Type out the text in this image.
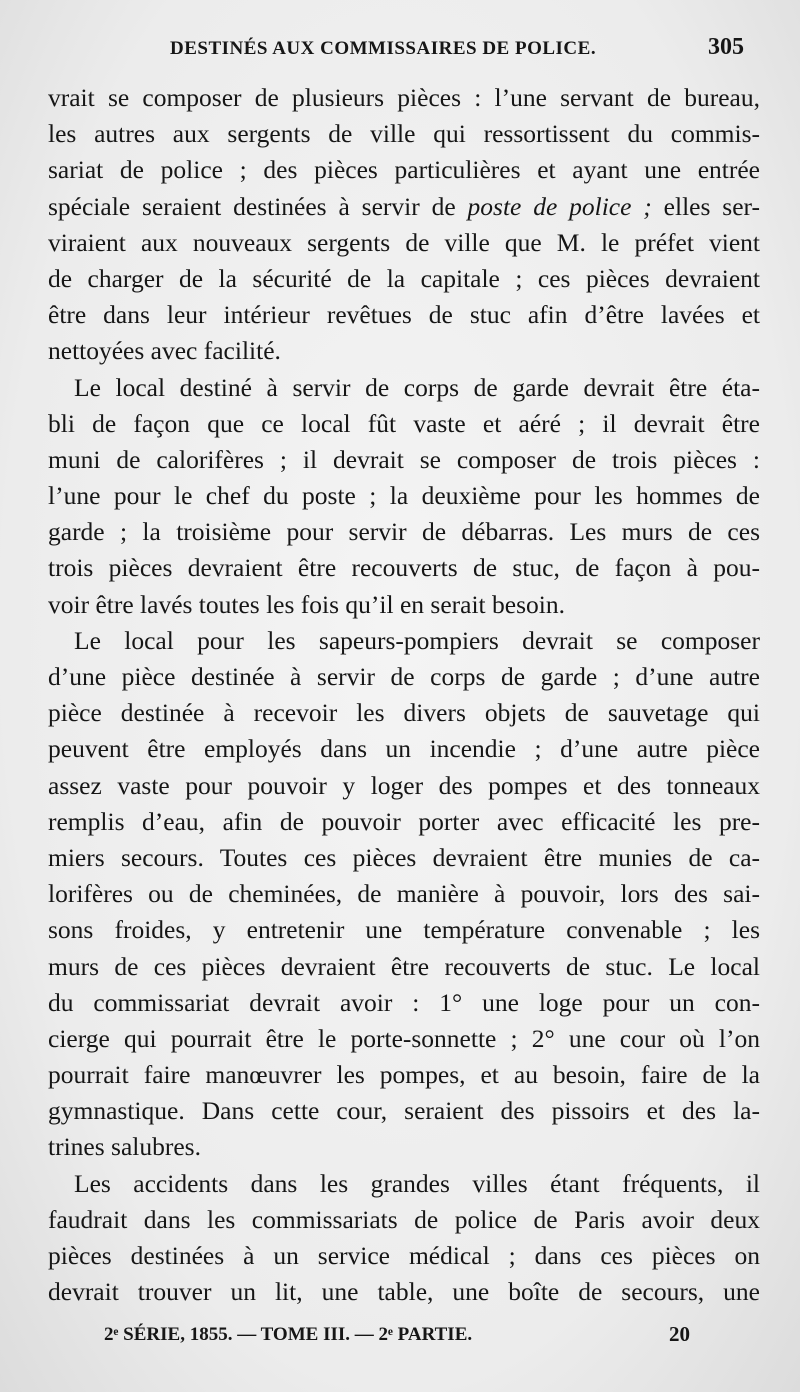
DESTINÉS AUX COMMISSAIRES DE POLICE.	305
vrait se composer de plusieurs pièces : l’une servant de bureau,
les autres aux sergents de ville qui ressortissent du commis-
sariat de police ; des pièces particulières et ayant une entrée
spéciale seraient destinées à servir de poste de police ; elles ser-
viraient aux nouveaux sergents de ville que M. le préfet vient
de charger de la sécurité de la capitale ; ces pièces devraient
être dans leur intérieur revêtues de stuc afin d’être lavées et
nettoyées avec facilité.
Le local destiné à servir de corps de garde devrait être éta-
bli de façon que ce local fût vaste et aéré ; il devrait être
muni de calorifères ; il devrait se composer de trois pièces :
l’une pour le chef du poste ; la deuxième pour les hommes de
garde ; la troisième pour servir de débarras. Les murs de ces
trois pièces devraient être recouverts de stuc, de façon à pou-
voir être lavés toutes les fois qu’il en serait besoin.
Le local pour les sapeurs-pompiers devrait se composer
d’une pièce destinée à servir de corps de garde ; d’une autre
pièce destinée à recevoir les divers objets de sauvetage qui
peuvent être employés dans un incendie ; d’une autre pièce
assez vaste pour pouvoir y loger des pompes et des tonneaux
remplis d’eau, afin de pouvoir porter avec efficacité les pre-
miers secours. Toutes ces pièces devraient être munies de ca-
lorifères ou de cheminées, de manière à pouvoir, lors des sai-
sons froides, y entretenir une température convenable ; les
murs de ces pièces devraient être recouverts de stuc. Le local
du commissariat devrait avoir : 1° une loge pour un con-
cierge qui pourrait être le porte-sonnette ; 2° une cour où l’on
pourrait faire manœuvrer les pompes, et au besoin, faire de la
gymnastique. Dans cette cour, seraient des pissoirs et des la-
trines salubres.
Les accidents dans les grandes villes étant fréquents, il
faudrait dans les commissariats de police de Paris avoir deux
pièces destinées à un service médical ; dans ces pièces on
devrait trouver un lit, une table, une boîte de secours, une
2ᵉ SÉRIE, 1855. — TOME III. — 2ᵉ PARTIE.	20
